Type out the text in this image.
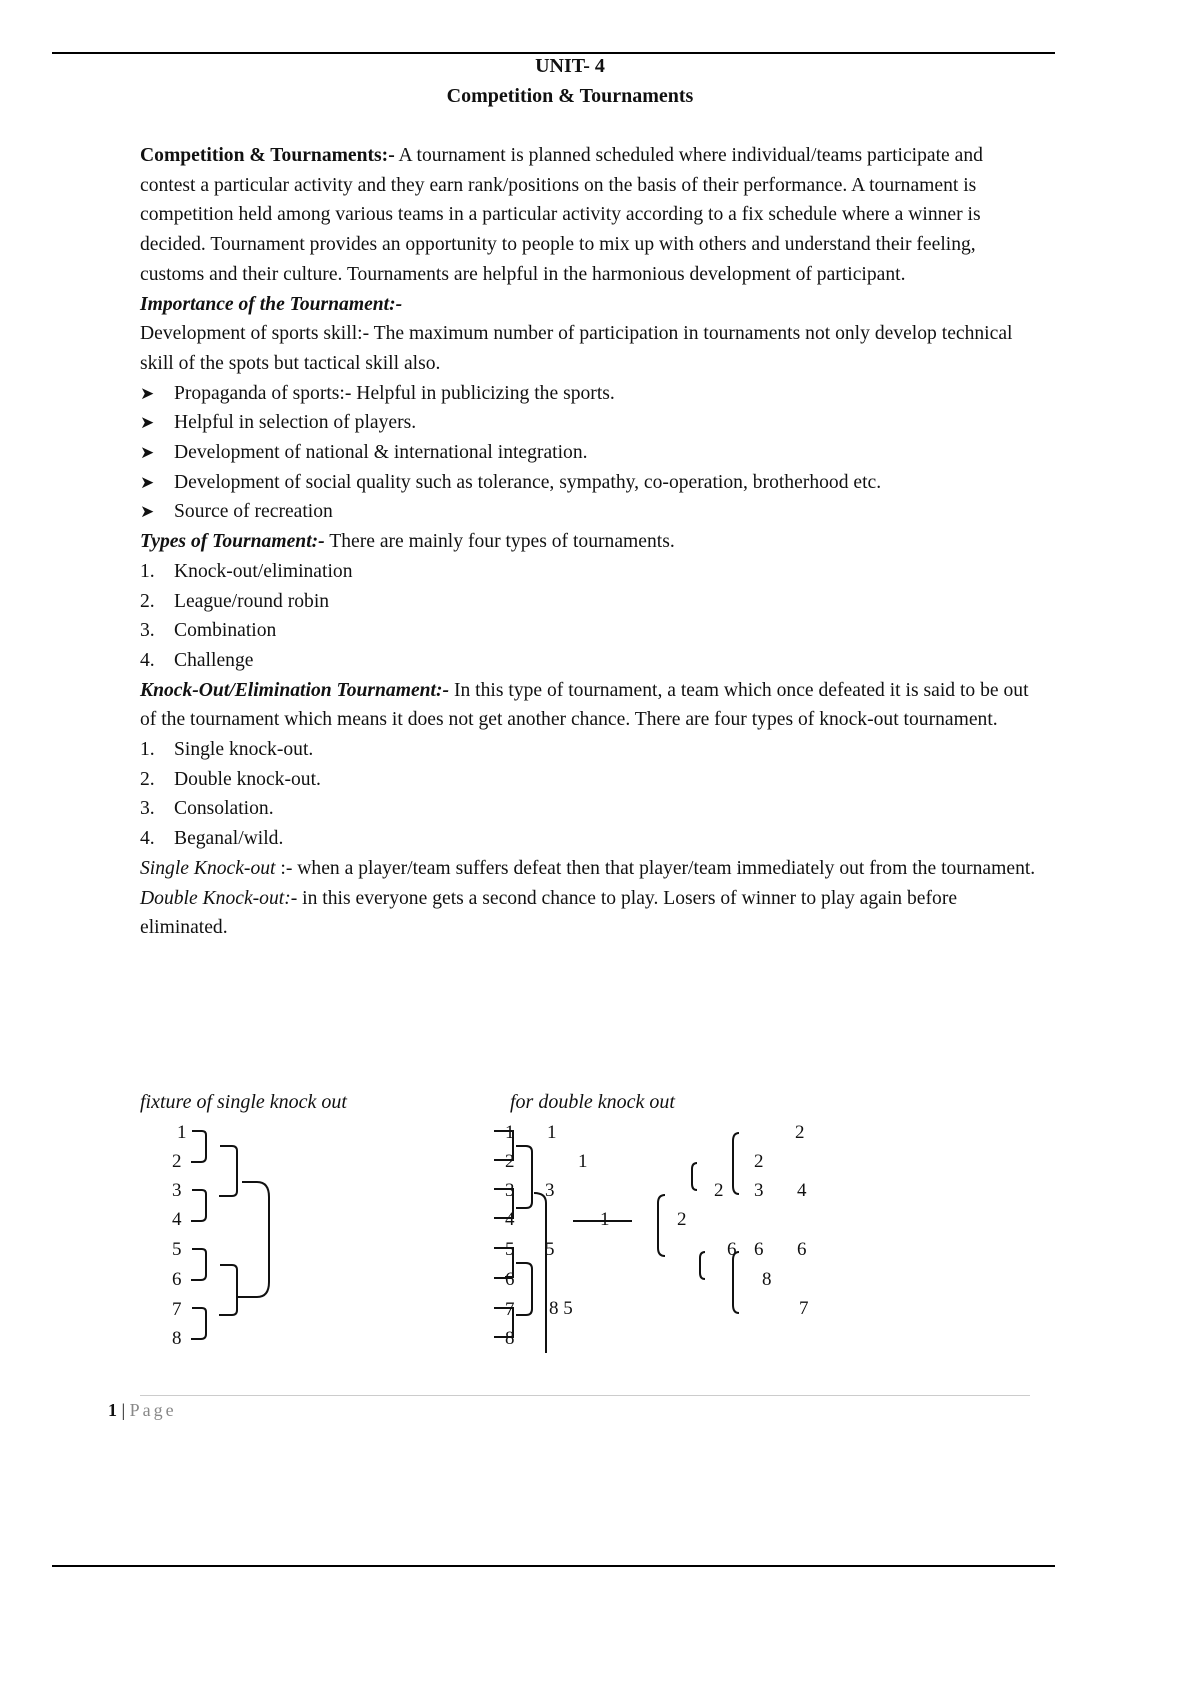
UNIT- 4
Competition & Tournaments

Competition & Tournaments:- A tournament is planned scheduled where individual/teams participate and contest a particular activity and they earn rank/positions on the basis of their performance. A tournament is competition held among various teams in a particular activity according to a fix schedule where a winner is decided. Tournament provides an opportunity to people to mix up with others and understand their feeling, customs and their culture. Tournaments are helpful in the harmonious development of participant.

Importance of the Tournament:-

Development of sports skill:- The maximum number of participation in tournaments not only develop technical skill of the spots but tactical skill also.

➤ Propaganda of sports:- Helpful in publicizing the sports.
➤ Helpful in selection of players.
➤ Development of national & international integration.
➤ Development of social quality such as tolerance, sympathy, co-operation, brotherhood etc.
➤ Source of recreation

Types of Tournament:- There are mainly four types of tournaments.

1. Knock-out/elimination
2. League/round robin
3. Combination
4. Challenge

Knock-Out/Elimination Tournament:- In this type of tournament, a team which once defeated it is said to be out of the tournament which means it does not get another chance. There are four types of knock-out tournament.

1. Single knock-out.
2. Double knock-out.
3. Consolation.
4. Beganal/wild.

Single Knock-out :- when a player/team suffers defeat then that player/team immediately out from the tournament.

Double Knock-out:- in this everyone gets a second chance to play. Losers of winner to play again before eliminated.

fixture of single knock out
1
2
3
4
5
6
7
8
for double knock out
1
2
3
4
5
6
7
8
1
3
5
8 5
1
1	2
2
2
3
6 6
8
2
4
6
7
1 | Page
